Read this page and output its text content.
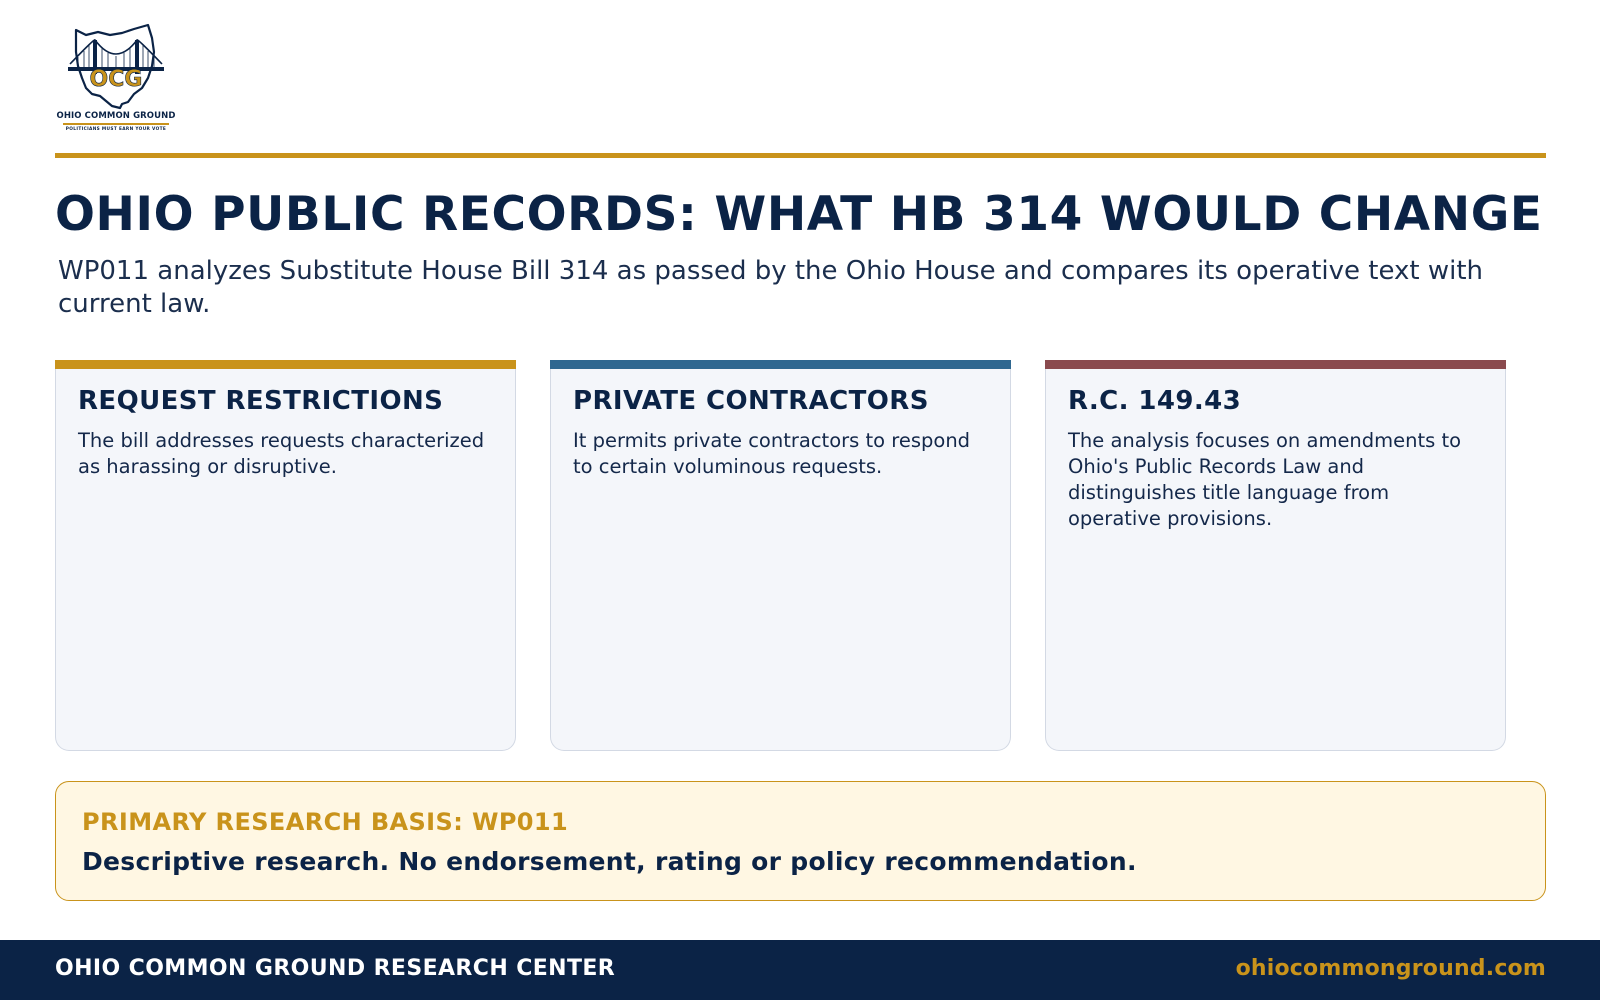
OCG
OHIO COMMON GROUND
POLITICIANS MUST EARN YOUR VOTE
OHIO PUBLIC RECORDS: WHAT HB 314 WOULD CHANGE

WP011 analyzes Substitute House Bill 314 as passed by the Ohio House and compares its operative text with current law.

REQUEST RESTRICTIONS
The bill addresses requests characterized as harassing or disruptive.
PRIVATE CONTRACTORS
It permits private contractors to respond to certain voluminous requests.
R.C. 149.43
The analysis focuses on amendments to Ohio's Public Records Law and distinguishes title language from operative provisions.
PRIMARY RESEARCH BASIS: WP011
Descriptive research. No endorsement, rating or policy recommendation.
OHIO COMMON GROUND RESEARCH CENTER	ohiocommonground.com
